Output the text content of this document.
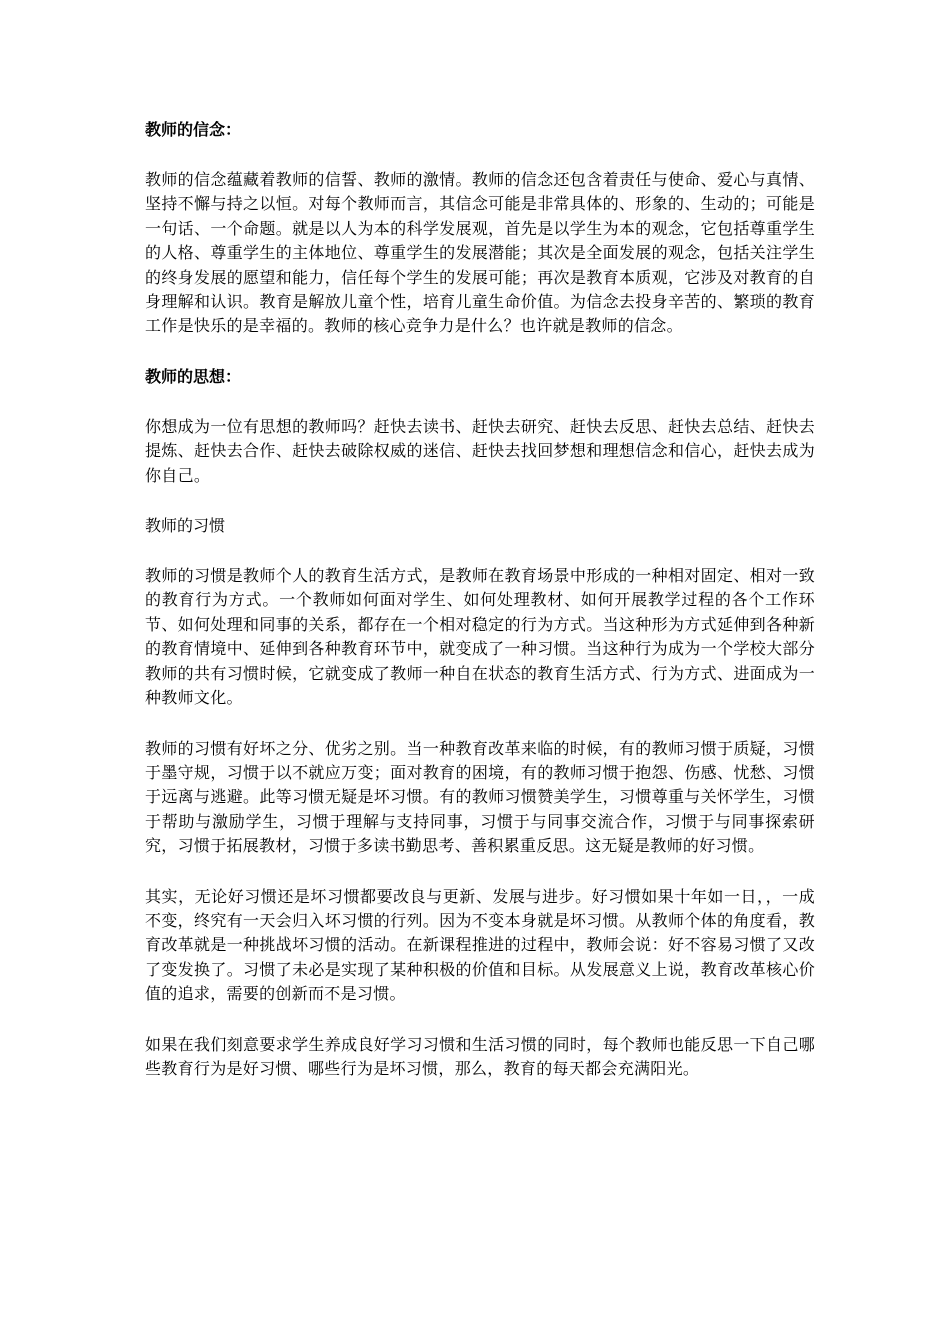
教师的信念：

教师的信念蕴藏着教师的信誓、教师的激情。教师的信念还包含着责任与使命、爱心与真情、坚持不懈与持之以恒。对每个教师而言，其信念可能是非常具体的、形象的、生动的；可能是一句话、一个命题。就是以人为本的科学发展观，首先是以学生为本的观念，它包括尊重学生的人格、尊重学生的主体地位、尊重学生的发展潜能；其次是全面发展的观念，包括关注学生的终身发展的愿望和能力，信任每个学生的发展可能；再次是教育本质观，它涉及对教育的自身理解和认识。教育是解放儿童个性，培育儿童生命价值。为信念去投身辛苦的、繁琐的教育工作是快乐的是幸福的。教师的核心竞争力是什么？也许就是教师的信念。

教师的思想：

你想成为一位有思想的教师吗？赶快去读书、赶快去研究、赶快去反思、赶快去总结、赶快去提炼、赶快去合作、赶快去破除权威的迷信、赶快去找回梦想和理想信念和信心，赶快去成为你自己。

教师的习惯

教师的习惯是教师个人的教育生活方式，是教师在教育场景中形成的一种相对固定、相对一致的教育行为方式。一个教师如何面对学生、如何处理教材、如何开展教学过程的各个工作环节、如何处理和同事的关系，都存在一个相对稳定的行为方式。当这种形为方式延伸到各种新的教育情境中、延伸到各种教育环节中，就变成了一种习惯。当这种行为成为一个学校大部分教师的共有习惯时候，它就变成了教师一种自在状态的教育生活方式、行为方式、进面成为一种教师文化。

教师的习惯有好坏之分、优劣之别。当一种教育改革来临的时候，有的教师习惯于质疑，习惯于墨守规，习惯于以不就应万变；面对教育的困境，有的教师习惯于抱怨、伤感、忧愁、习惯于远离与逃避。此等习惯无疑是坏习惯。有的教师习惯赞美学生，习惯尊重与关怀学生，习惯于帮助与激励学生，习惯于理解与支持同事，习惯于与同事交流合作，习惯于与同事探索研究，习惯于拓展教材，习惯于多读书勤思考、善积累重反思。这无疑是教师的好习惯。

其实，无论好习惯还是坏习惯都要改良与更新、发展与进步。好习惯如果十年如一日，，一成不变，终究有一天会归入坏习惯的行列。因为不变本身就是坏习惯。从教师个体的角度看，教育改革就是一种挑战坏习惯的活动。在新课程推进的过程中，教师会说：好不容易习惯了又改了变发换了。习惯了未必是实现了某种积极的价值和目标。从发展意义上说，教育改革核心价值的追求，需要的创新而不是习惯。

如果在我们刻意要求学生养成良好学习习惯和生活习惯的同时，每个教师也能反思一下自己哪些教育行为是好习惯、哪些行为是坏习惯，那么，教育的每天都会充满阳光。
